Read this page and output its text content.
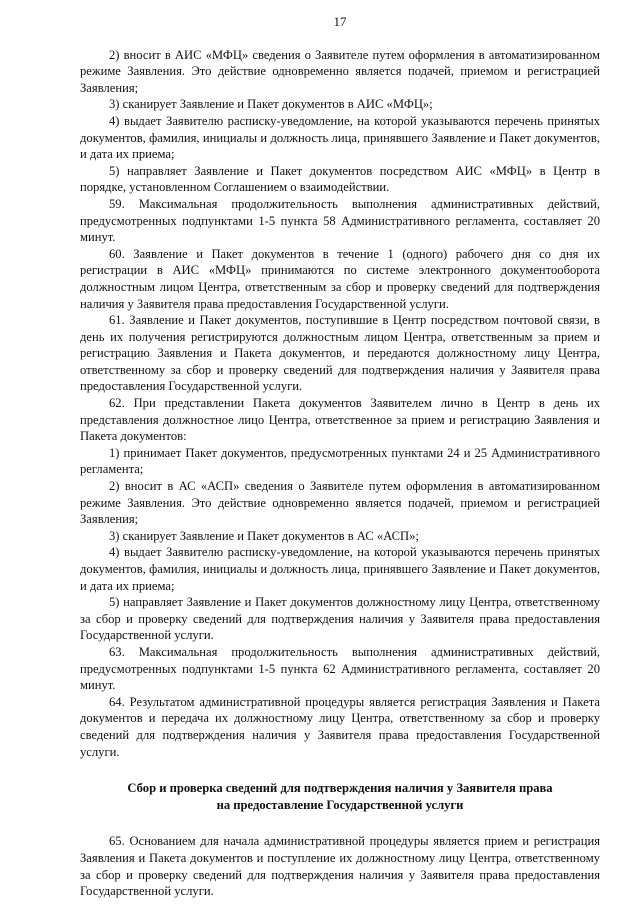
17

2) вносит в АИС «МФЦ» сведения о Заявителе путем оформления в автоматизированном режиме Заявления. Это действие одновременно является подачей, приемом и регистрацией Заявления;

3) сканирует Заявление и Пакет документов в АИС «МФЦ»;

4) выдает Заявителю расписку-уведомление, на которой указываются перечень принятых документов, фамилия, инициалы и должность лица, принявшего Заявление и Пакет документов, и дата их приема;

5) направляет Заявление и Пакет документов посредством АИС «МФЦ» в Центр в порядке, установленном Соглашением о взаимодействии.

59. Максимальная продолжительность выполнения административных действий, предусмотренных подпунктами 1-5 пункта 58 Административного регламента, составляет 20 минут.

60. Заявление и Пакет документов в течение 1 (одного) рабочего дня со дня их регистрации в АИС «МФЦ» принимаются по системе электронного документооборота должностным лицом Центра, ответственным за сбор и проверку сведений для подтверждения наличия у Заявителя права предоставления Государственной услуги.

61. Заявление и Пакет документов, поступившие в Центр посредством почтовой связи, в день их получения регистрируются должностным лицом Центра, ответственным за прием и регистрацию Заявления и Пакета документов, и передаются должностному лицу Центра, ответственному за сбор и проверку сведений для подтверждения наличия у Заявителя права предоставления Государственной услуги.

62. При представлении Пакета документов Заявителем лично в Центр в день их представления должностное лицо Центра, ответственное за прием и регистрацию Заявления и Пакета документов:

1) принимает Пакет документов, предусмотренных пунктами 24 и 25 Административного регламента;

2) вносит в АС «АСП» сведения о Заявителе путем оформления в автоматизированном режиме Заявления. Это действие одновременно является подачей, приемом и регистрацией Заявления;

3) сканирует Заявление и Пакет документов в АС «АСП»;

4) выдает Заявителю расписку-уведомление, на которой указываются перечень принятых документов, фамилия, инициалы и должность лица, принявшего Заявление и Пакет документов, и дата их приема;

5) направляет Заявление и Пакет документов должностному лицу Центра, ответственному за сбор и проверку сведений для подтверждения наличия у Заявителя права предоставления Государственной услуги.

63. Максимальная продолжительность выполнения административных действий, предусмотренных подпунктами 1-5 пункта 62 Административного регламента, составляет 20 минут.

64. Результатом административной процедуры является регистрация Заявления и Пакета документов и передача их должностному лицу Центра, ответственному за сбор и проверку сведений для подтверждения наличия у Заявителя права предоставления Государственной услуги.

Сбор и проверка сведений для подтверждения наличия у Заявителя права

на предоставление Государственной услуги

65. Основанием для начала административной процедуры является прием и регистрация Заявления и Пакета документов и поступление их должностному лицу Центра, ответственному за сбор и проверку сведений для подтверждения наличия у Заявителя права предоставления Государственной услуги.
